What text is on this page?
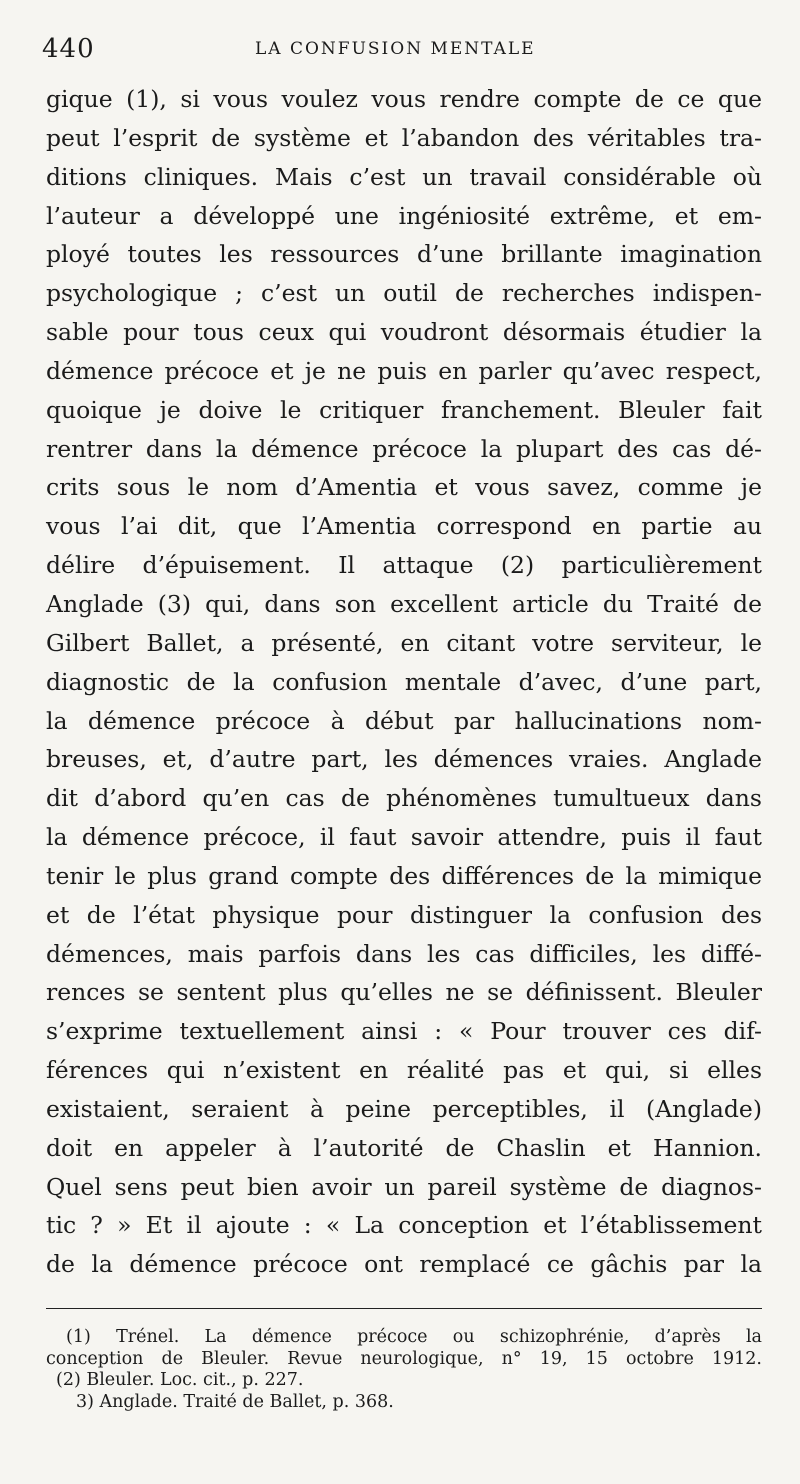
440	LA CONFUSION MENTALE
gique (1), si vous voulez vous rendre compte de ce que
peut l’esprit de système et l’abandon des véritables tra-
ditions cliniques. Mais c’est un travail considérable où
l’auteur a développé une ingéniosité extrême, et em-
ployé toutes les ressources d’une brillante imagination
psychologique ; c’est un outil de recherches indispen-
sable pour tous ceux qui voudront désormais étudier la
démence précoce et je ne puis en parler qu’avec respect,
quoique je doive le critiquer franchement. Bleuler fait
rentrer dans la démence précoce la plupart des cas dé-
crits sous le nom d’Amentia et vous savez, comme je
vous l’ai dit, que l’Amentia correspond en partie au
délire d’épuisement. Il attaque (2) particulièrement
Anglade (3) qui, dans son excellent article du Traité de
Gilbert Ballet, a présenté, en citant votre serviteur, le
diagnostic de la confusion mentale d’avec, d’une part,
la démence précoce à début par hallucinations nom-
breuses, et, d’autre part, les démences vraies. Anglade
dit d’abord qu’en cas de phénomènes tumultueux dans
la démence précoce, il faut savoir attendre, puis il faut
tenir le plus grand compte des différences de la mimique
et de l’état physique pour distinguer la confusion des
démences, mais parfois dans les cas difficiles, les diffé-
rences se sentent plus qu’elles ne se définissent. Bleuler
s’exprime textuellement ainsi : « Pour trouver ces dif-
férences qui n’existent en réalité pas et qui, si elles
existaient, seraient à peine perceptibles, il (Anglade)
doit en appeler à l’autorité de Chaslin et Hannion.
Quel sens peut bien avoir un pareil système de diagnos-
tic ? » Et il ajoute : « La conception et l’établissement
de la démence précoce ont remplacé ce gâchis par la
(1) Trénel. La démence précoce ou schizophrénie, d’après la
conception de Bleuler. Revue neurologique, n° 19, 15 octobre 1912.
(2) Bleuler. Loc. cit., p. 227.
3) Anglade. Traité de Ballet, p. 368.
